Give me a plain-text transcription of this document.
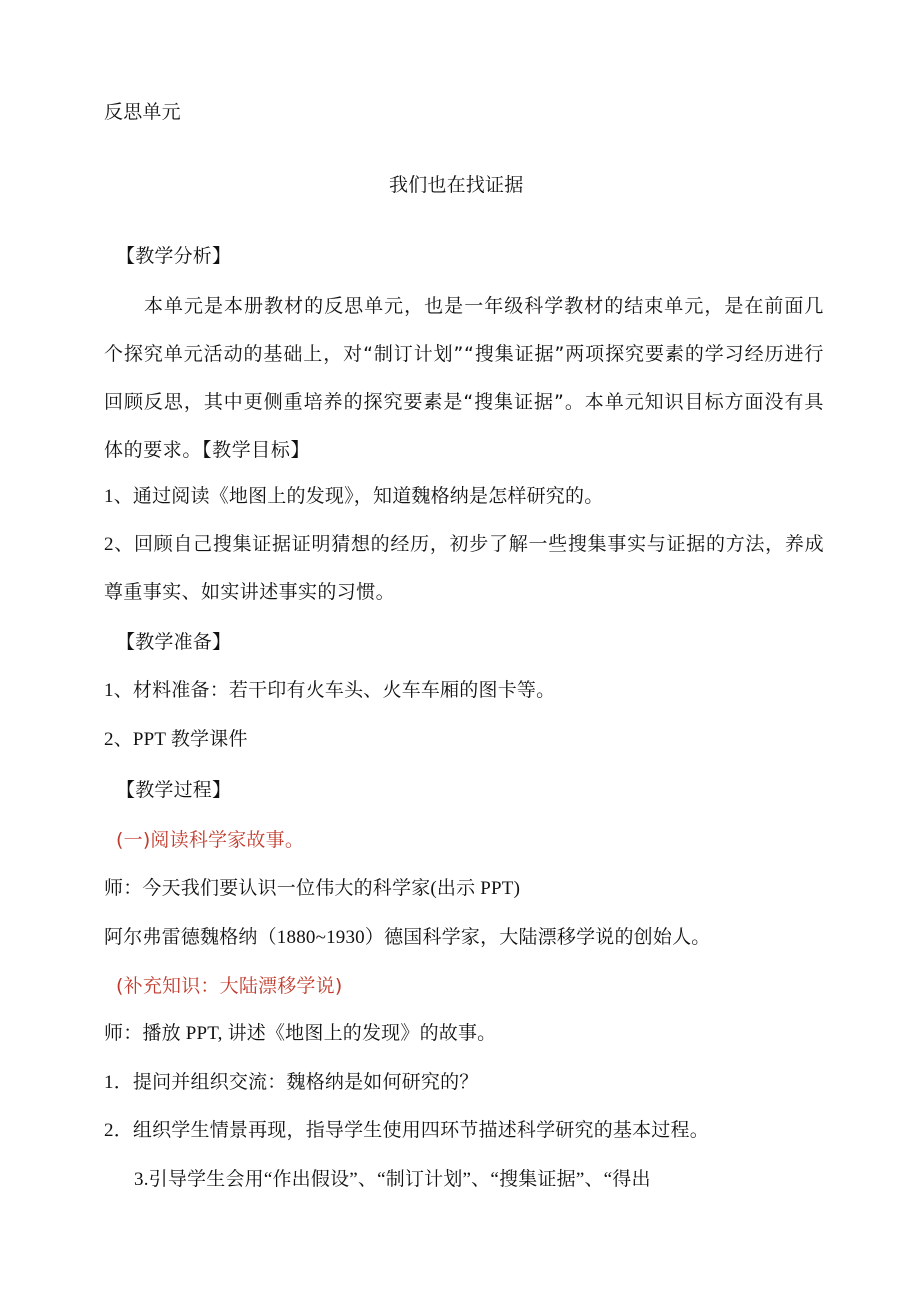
反思单元
我们也在找证据
【教学分析】
本单元是本册教材的反思单元，也是一年级科学教材的结束单元，是在前面几个探究单元活动的基础上，对“制订计划”“搜集证据”两项探究要素的学习经历进行回顾反思，其中更侧重培养的探究要素是“搜集证据”。本单元知识目标方面没有具体的要求。【教学目标】
1、通过阅读《地图上的发现》，知道魏格纳是怎样研究的。
2、回顾自己搜集证据证明猜想的经历，初步了解一些搜集事实与证据的方法，养成尊重事实、如实讲述事实的习惯。
【教学准备】
1、材料准备：若干印有火车头、火车车厢的图卡等。
2、PPT 教学课件
【教学过程】
(一)阅读科学家故事。
师：今天我们要认识一位伟大的科学家(出示 PPT)
阿尔弗雷德魏格纳（1880~1930）德国科学家，大陆漂移学说的创始人。
(补充知识：大陆漂移学说)
师：播放 PPT, 讲述《地图上的发现》的故事。
1．提问并组织交流：魏格纳是如何研究的？
2．组织学生情景再现，指导学生使用四环节描述科学研究的基本过程。
3.引导学生会用“作出假设”、“制订计划”、“搜集证据”、“得出
